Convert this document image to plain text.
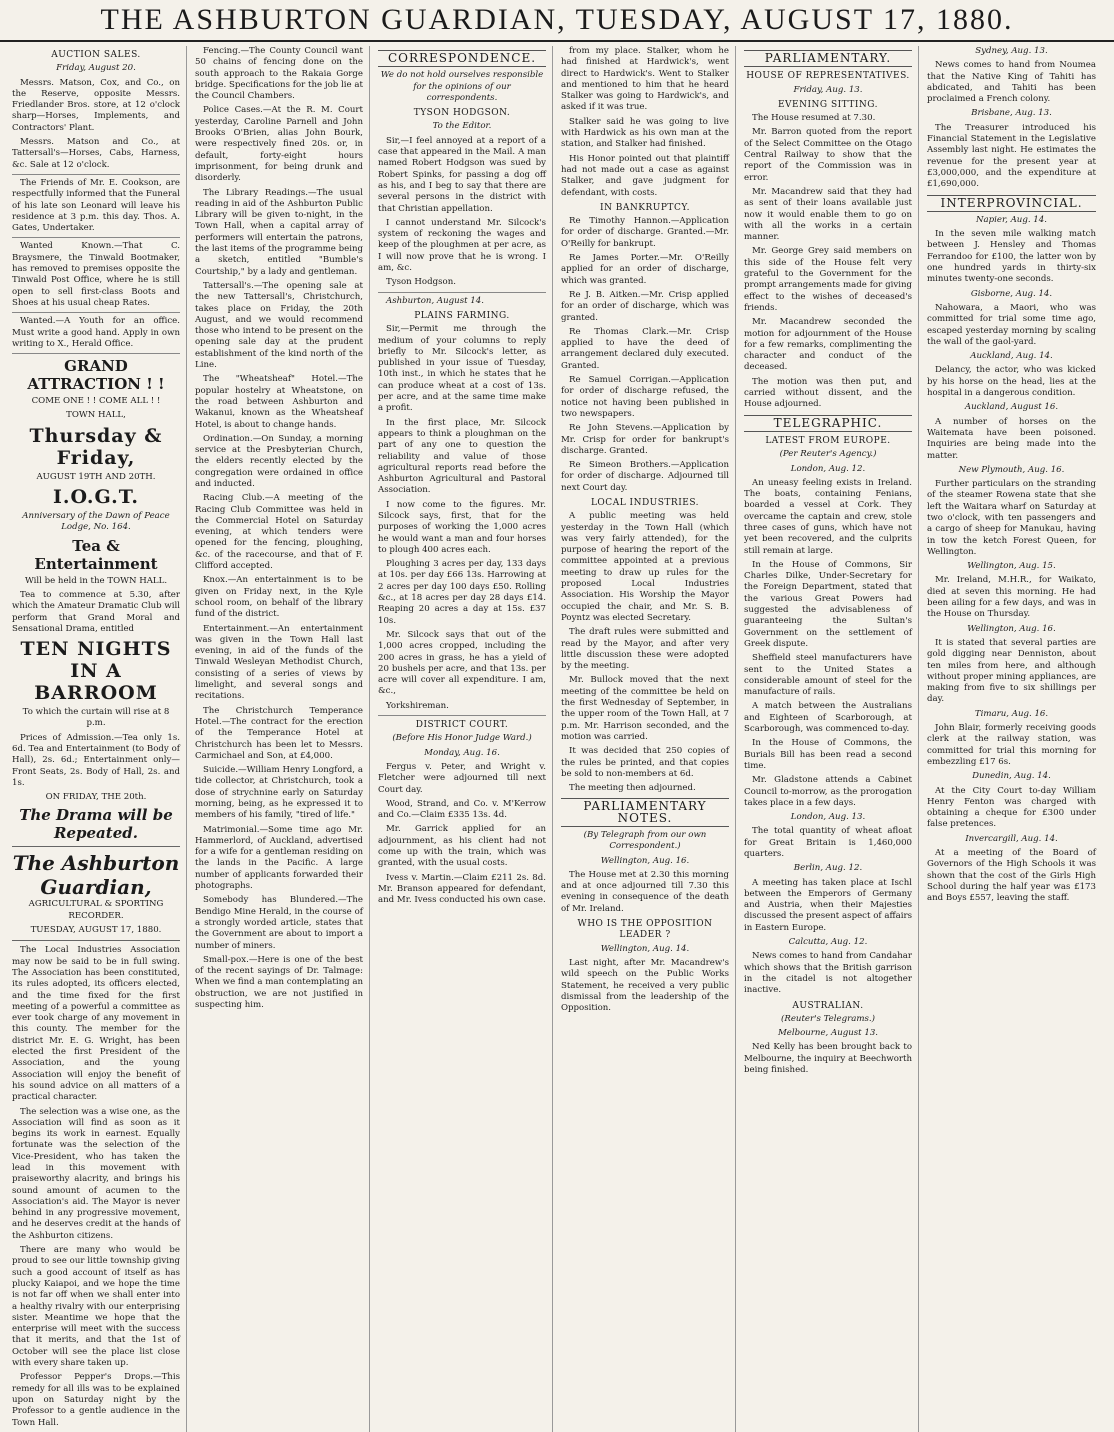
THE ASHBURTON GUARDIAN, TUESDAY, AUGUST 17, 1880.
AUCTION SALES.

Friday, August 20.

Messrs. Matson, Cox, and Co., on the Reserve, opposite Messrs. Friedlander Bros. store, at 12 o'clock sharp—Horses, Implements, and Contractors' Plant.

Messrs. Matson and Co., at Tattersall's—Horses, Cabs, Harness, &c. Sale at 12 o'clock.

The Friends of Mr. E. Cookson, are respectfully informed that the Funeral of his late son Leonard will leave his residence at 3 p.m. this day. Thos. A. Gates, Undertaker.

Wanted Known.—That C. Braysmere, the Tinwald Bootmaker, has removed to premises opposite the Tinwald Post Office, where he is still open to sell first-class Boots and Shoes at his usual cheap Rates.

Wanted.—A Youth for an office. Must write a good hand. Apply in own writing to X., Herald Office.

GRAND ATTRACTION ! !

COME ONE ! ! COME ALL ! !

TOWN HALL,

Thursday & Friday,

AUGUST 19TH AND 20TH.

I.O.G.T.

Anniversary of the Dawn of Peace Lodge, No. 164.

Tea & Entertainment

Will be held in the TOWN HALL.

Tea to commence at 5.30, after which the Amateur Dramatic Club will perform that Grand Moral and Sensational Drama, entitled

TEN NIGHTS IN A BARROOM

To which the curtain will rise at 8 p.m.

Prices of Admission.—Tea only 1s. 6d. Tea and Entertainment (to Body of Hall), 2s. 6d.; Entertainment only—Front Seats, 2s. Body of Hall, 2s. and 1s.

ON FRIDAY, THE 20th.

The Drama will be Repeated.

The Ashburton Guardian,

AGRICULTURAL & SPORTING RECORDER.

TUESDAY, AUGUST 17, 1880.

The Local Industries Association may now be said to be in full swing. The Association has been constituted, its rules adopted, its officers elected, and the time fixed for the first meeting of a powerful a committee as ever took charge of any movement in this county. The member for the district Mr. E. G. Wright, has been elected the first President of the Association, and the young Association will enjoy the benefit of his sound advice on all matters of a practical character.

The selection was a wise one, as the Association will find as soon as it begins its work in earnest. Equally fortunate was the selection of the Vice-President, who has taken the lead in this movement with praiseworthy alacrity, and brings his sound amount of acumen to the Association's aid. The Mayor is never behind in any progressive movement, and he deserves credit at the hands of the Ashburton citizens.

There are many who would be proud to see our little township giving such a good account of itself as has plucky Kaiapoi, and we hope the time is not far off when we shall enter into a healthy rivalry with our enterprising sister. Meantime we hope that the enterprise will meet with the success that it merits, and that the 1st of October will see the place list close with every share taken up.

Professor Pepper's Drops.—This remedy for all ills was to be explained upon on Saturday night by the Professor to a gentle audience in the Town Hall.

Fencing.—The County Council want 50 chains of fencing done on the south approach to the Rakaia Gorge bridge. Specifications for the job lie at the Council Chambers.

Police Cases.—At the R. M. Court yesterday, Caroline Parnell and John Brooks O'Brien, alias John Bourk, were respectively fined 20s. or, in default, forty-eight hours imprisonment, for being drunk and disorderly.

The Library Readings.—The usual reading in aid of the Ashburton Public Library will be given to-night, in the Town Hall, when a capital array of performers will entertain the patrons, the last items of the programme being a sketch, entitled "Bumble's Courtship," by a lady and gentleman.

Tattersall's.—The opening sale at the new Tattersall's, Christchurch, takes place on Friday, the 20th August, and we would recommend those who intend to be present on the opening sale day at the prudent establishment of the kind north of the Line.

The "Wheatsheaf" Hotel.—The popular hostelry at Wheatstone, on the road between Ashburton and Wakanui, known as the Wheatsheaf Hotel, is about to change hands.

Ordination.—On Sunday, a morning service at the Presbyterian Church, the elders recently elected by the congregation were ordained in office and inducted.

Racing Club.—A meeting of the Racing Club Committee was held in the Commercial Hotel on Saturday evening, at which tenders were opened for the fencing, ploughing, &c. of the racecourse, and that of F. Clifford accepted.

Knox.—An entertainment is to be given on Friday next, in the Kyle school room, on behalf of the library fund of the district.

Entertainment.—An entertainment was given in the Town Hall last evening, in aid of the funds of the Tinwald Wesleyan Methodist Church, consisting of a series of views by limelight, and several songs and recitations.

The Christchurch Temperance Hotel.—The contract for the erection of the Temperance Hotel at Christchurch has been let to Messrs. Carmichael and Son, at £4,000.

Suicide.—William Henry Longford, a tide collector, at Christchurch, took a dose of strychnine early on Saturday morning, being, as he expressed it to members of his family, "tired of life."

Matrimonial.—Some time ago Mr. Hammerlord, of Auckland, advertised for a wife for a gentleman residing on the lands in the Pacific. A large number of applicants forwarded their photographs.

Somebody has Blundered.—The Bendigo Mine Herald, in the course of a strongly worded article, states that the Government are about to import a number of miners.

Small-pox.—Here is one of the best of the recent sayings of Dr. Talmage: When we find a man contemplating an obstruction, we are not justified in suspecting him.

CORRESPONDENCE.

We do not hold ourselves responsible for the opinions of our correspondents.

TYSON HODGSON.

To the Editor.

Sir,—I feel annoyed at a report of a case that appeared in the Mail. A man named Robert Hodgson was sued by Robert Spinks, for passing a dog off as his, and I beg to say that there are several persons in the district with that Christian appellation.

I cannot understand Mr. Silcock's system of reckoning the wages and keep of the ploughmen at per acre, as I will now prove that he is wrong. I am, &c.

Tyson Hodgson.

Ashburton, August 14.

PLAINS FARMING.

Sir,—Permit me through the medium of your columns to reply briefly to Mr. Silcock's letter, as published in your issue of Tuesday, 10th inst., in which he states that he can produce wheat at a cost of 13s. per acre, and at the same time make a profit.

In the first place, Mr. Silcock appears to think a ploughman on the part of any one to question the reliability and value of those agricultural reports read before the Ashburton Agricultural and Pastoral Association.

I now come to the figures. Mr. Silcock says, first, that for the purposes of working the 1,000 acres he would want a man and four horses to plough 400 acres each.

Ploughing 3 acres per day, 133 days at 10s. per day £66 13s. Harrowing at 2 acres per day 100 days £50. Rolling &c., at 18 acres per day 28 days £14. Reaping 20 acres a day at 15s. £37 10s.

Mr. Silcock says that out of the 1,000 acres cropped, including the 200 acres in grass, he has a yield of 20 bushels per acre, and that 13s. per acre will cover all expenditure. I am, &c.,

Yorkshireman.

DISTRICT COURT.

(Before His Honor Judge Ward.)

Monday, Aug. 16.

Fergus v. Peter, and Wright v. Fletcher were adjourned till next Court day.

Wood, Strand, and Co. v. M'Kerrow and Co.—Claim £335 13s. 4d.

Mr. Garrick applied for an adjournment, as his client had not come up with the train, which was granted, with the usual costs.

Ivess v. Martin.—Claim £211 2s. 8d. Mr. Branson appeared for defendant, and Mr. Ivess conducted his own case.

from my place. Stalker, whom he had finished at Hardwick's, went direct to Hardwick's. Went to Stalker and mentioned to him that he heard Stalker was going to Hardwick's, and asked if it was true.

Stalker said he was going to live with Hardwick as his own man at the station, and Stalker had finished.

His Honor pointed out that plaintiff had not made out a case as against Stalker, and gave judgment for defendant, with costs.

IN BANKRUPTCY.

Re Timothy Hannon.—Application for order of discharge. Granted.—Mr. O'Reilly for bankrupt.

Re James Porter.—Mr. O'Reilly applied for an order of discharge, which was granted.

Re J. B. Aitken.—Mr. Crisp applied for an order of discharge, which was granted.

Re Thomas Clark.—Mr. Crisp applied to have the deed of arrangement declared duly executed. Granted.

Re Samuel Corrigan.—Application for order of discharge refused, the notice not having been published in two newspapers.

Re John Stevens.—Application by Mr. Crisp for order for bankrupt's discharge. Granted.

Re Simeon Brothers.—Application for order of discharge. Adjourned till next Court day.

LOCAL INDUSTRIES.

A public meeting was held yesterday in the Town Hall (which was very fairly attended), for the purpose of hearing the report of the committee appointed at a previous meeting to draw up rules for the proposed Local Industries Association. His Worship the Mayor occupied the chair, and Mr. S. B. Poyntz was elected Secretary.

The draft rules were submitted and read by the Mayor, and after very little discussion these were adopted by the meeting.

Mr. Bullock moved that the next meeting of the committee be held on the first Wednesday of September, in the upper room of the Town Hall, at 7 p.m. Mr. Harrison seconded, and the motion was carried.

It was decided that 250 copies of the rules be printed, and that copies be sold to non-members at 6d.

The meeting then adjourned.

PARLIAMENTARY NOTES.

(By Telegraph from our own Correspondent.)

Wellington, Aug. 16.

The House met at 2.30 this morning and at once adjourned till 7.30 this evening in consequence of the death of Mr. Ireland.

WHO IS THE OPPOSITION LEADER ?

Wellington, Aug. 14.

Last night, after Mr. Macandrew's wild speech on the Public Works Statement, he received a very public dismissal from the leadership of the Opposition.

PARLIAMENTARY.
HOUSE OF REPRESENTATIVES.

Friday, Aug. 13.

EVENING SITTING.

The House resumed at 7.30.

Mr. Barron quoted from the report of the Select Committee on the Otago Central Railway to show that the report of the Commission was in error.

Mr. Macandrew said that they had as sent of their loans available just now it would enable them to go on with all the works in a certain manner.

Mr. George Grey said members on this side of the House felt very grateful to the Government for the prompt arrangements made for giving effect to the wishes of deceased's friends.

Mr. Macandrew seconded the motion for adjournment of the House for a few remarks, complimenting the character and conduct of the deceased.

The motion was then put, and carried without dissent, and the House adjourned.

TELEGRAPHIC.
LATEST FROM EUROPE.

(Per Reuter's Agency.)

London, Aug. 12.

An uneasy feeling exists in Ireland. The boats, containing Fenians, boarded a vessel at Cork. They overcame the captain and crew, stole three cases of guns, which have not yet been recovered, and the culprits still remain at large.

In the House of Commons, Sir Charles Dilke, Under-Secretary for the Foreign Department, stated that the various Great Powers had suggested the advisableness of guaranteeing the Sultan's Government on the settlement of Greek dispute.

Sheffield steel manufacturers have sent to the United States a considerable amount of steel for the manufacture of rails.

A match between the Australians and Eighteen of Scarborough, at Scarborough, was commenced to-day.

In the House of Commons, the Burials Bill has been read a second time.

Mr. Gladstone attends a Cabinet Council to-morrow, as the prorogation takes place in a few days.

London, Aug. 13.

The total quantity of wheat afloat for Great Britain is 1,460,000 quarters.

Berlin, Aug. 12.

A meeting has taken place at Ischl between the Emperors of Germany and Austria, when their Majesties discussed the present aspect of affairs in Eastern Europe.

Calcutta, Aug. 12.

News comes to hand from Candahar which shows that the British garrison in the citadel is not altogether inactive.

AUSTRALIAN.

(Reuter's Telegrams.)

Melbourne, August 13.

Ned Kelly has been brought back to Melbourne, the inquiry at Beechworth being finished.

Sydney, Aug. 13.

News comes to hand from Noumea that the Native King of Tahiti has abdicated, and Tahiti has been proclaimed a French colony.

Brisbane, Aug. 13.

The Treasurer introduced his Financial Statement in the Legislative Assembly last night. He estimates the revenue for the present year at £3,000,000, and the expenditure at £1,690,000.

INTERPROVINCIAL.

Napier, Aug. 14.

In the seven mile walking match between J. Hensley and Thomas Ferrandoo for £100, the latter won by one hundred yards in thirty-six minutes twenty-one seconds.

Gisborne, Aug. 14.

Nahowara, a Maori, who was committed for trial some time ago, escaped yesterday morning by scaling the wall of the gaol-yard.

Auckland, Aug. 14.

Delancy, the actor, who was kicked by his horse on the head, lies at the hospital in a dangerous condition.

Auckland, August 16.

A number of horses on the Waitemata have been poisoned. Inquiries are being made into the matter.

New Plymouth, Aug. 16.

Further particulars on the stranding of the steamer Rowena state that she left the Waitara wharf on Saturday at two o'clock, with ten passengers and a cargo of sheep for Manukau, having in tow the ketch Forest Queen, for Wellington.

Wellington, Aug. 15.

Mr. Ireland, M.H.R., for Waikato, died at seven this morning. He had been ailing for a few days, and was in the House on Thursday.

Wellington, Aug. 16.

It is stated that several parties are gold digging near Denniston, about ten miles from here, and although without proper mining appliances, are making from five to six shillings per day.

Timaru, Aug. 16.

John Blair, formerly receiving goods clerk at the railway station, was committed for trial this morning for embezzling £17 6s.

Dunedin, Aug. 14.

At the City Court to-day William Henry Fenton was charged with obtaining a cheque for £300 under false pretences.

Invercargill, Aug. 14.

At a meeting of the Board of Governors of the High Schools it was shown that the cost of the Girls High School during the half year was £173 and Boys £557, leaving the staff.
